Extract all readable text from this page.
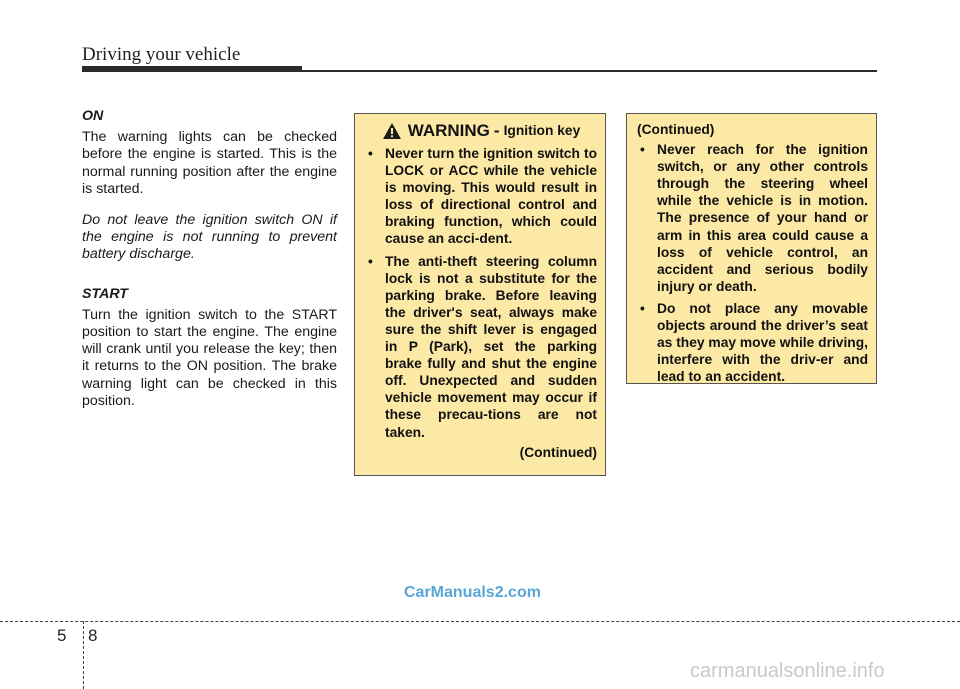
Driving your vehicle

ON

The warning lights can be checked before the engine is started. This is the normal running position after the engine is started.

Do not leave the ignition switch ON if the engine is not running to prevent battery discharge.

START

Turn the ignition switch to the START position to start the engine. The engine will crank until you release the key; then it returns to the ON position. The brake warning light can be checked in this position.

WARNING - Ignition key
• Never turn the ignition switch to LOCK or ACC while the vehicle is moving. This would result in loss of directional control and braking function, which could cause an acci-dent.
• The anti-theft steering column lock is not a substitute for the parking brake. Before leaving the driver's seat, always make sure the shift lever is engaged in P (Park), set the parking brake fully and shut the engine off. Unexpected and sudden vehicle movement may occur if these precau-tions are not taken.
(Continued)
(Continued)
• Never reach for the ignition switch, or any other controls through the steering wheel while the vehicle is in motion. The presence of your hand or arm in this area could cause a loss of vehicle control, an accident and serious bodily injury or death.
• Do not place any movable objects around the driver’s seat as they may move while driving, interfere with the driv-er and lead to an accident.
CarManuals2.com
5 8
carmanualsonline.info
